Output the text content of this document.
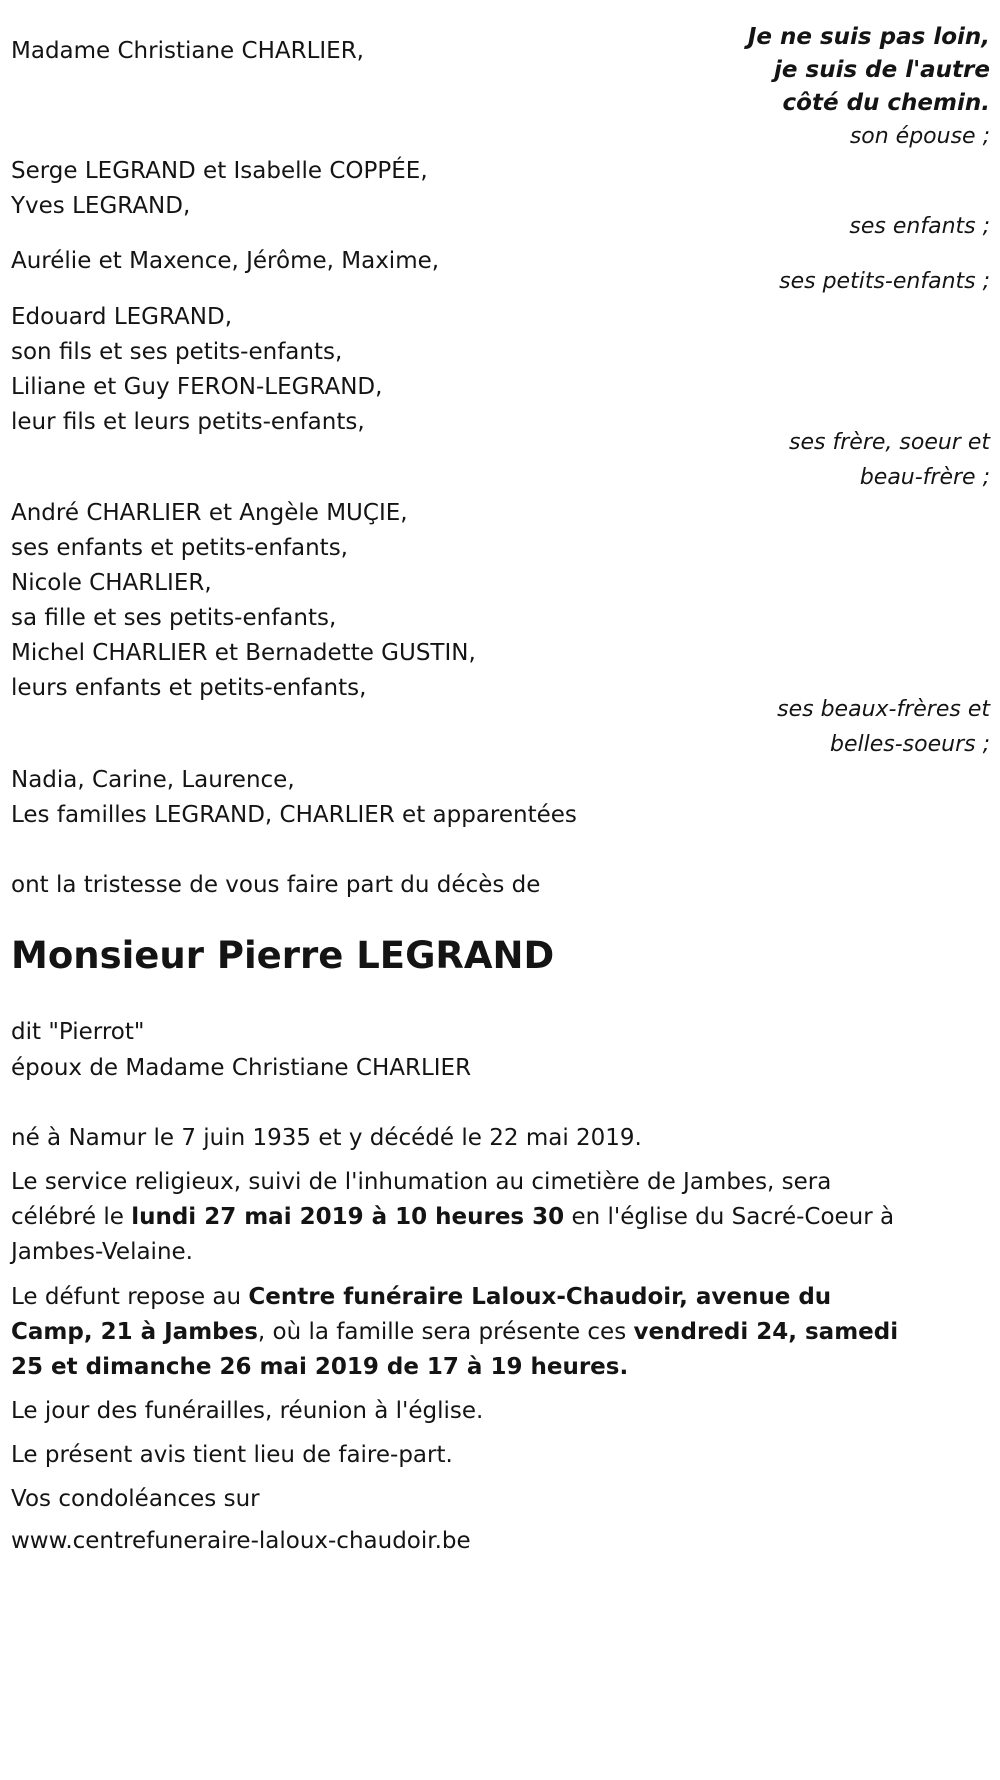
Je ne suis pas loin,
je suis de l'autre
côté du chemin.
Madame Christiane CHARLIER,
son épouse ;
Serge LEGRAND et Isabelle COPPÉE,
Yves LEGRAND,
ses enfants ;
Aurélie et Maxence, Jérôme, Maxime,
ses petits-enfants ;
Edouard LEGRAND,
son fils et ses petits-enfants,
Liliane et Guy FERON-LEGRAND,
leur fils et leurs petits-enfants,
ses frère, soeur et
beau-frère ;
André CHARLIER et Angèle MUÇIE,
ses enfants et petits-enfants,
Nicole CHARLIER,
sa fille et ses petits-enfants,
Michel CHARLIER et Bernadette GUSTIN,
leurs enfants et petits-enfants,
ses beaux-frères et
belles-soeurs ;
Nadia, Carine, Laurence,
Les familles LEGRAND, CHARLIER et apparentées
ont la tristesse de vous faire part du décès de
Monsieur Pierre LEGRAND
dit "Pierrot"
époux de Madame Christiane CHARLIER
né à Namur le 7 juin 1935 et y décédé le 22 mai 2019.
Le service religieux, suivi de l'inhumation au cimetière de Jambes, sera
célébré le lundi 27 mai 2019 à 10 heures 30 en l'église du Sacré-Coeur à
Jambes-Velaine.
Le défunt repose au Centre funéraire Laloux-Chaudoir, avenue du
Camp, 21 à Jambes, où la famille sera présente ces vendredi 24, samedi
25 et dimanche 26 mai 2019 de 17 à 19 heures.
Le jour des funérailles, réunion à l'église.
Le présent avis tient lieu de faire-part.
Vos condoléances sur
www.centrefuneraire-laloux-chaudoir.be
